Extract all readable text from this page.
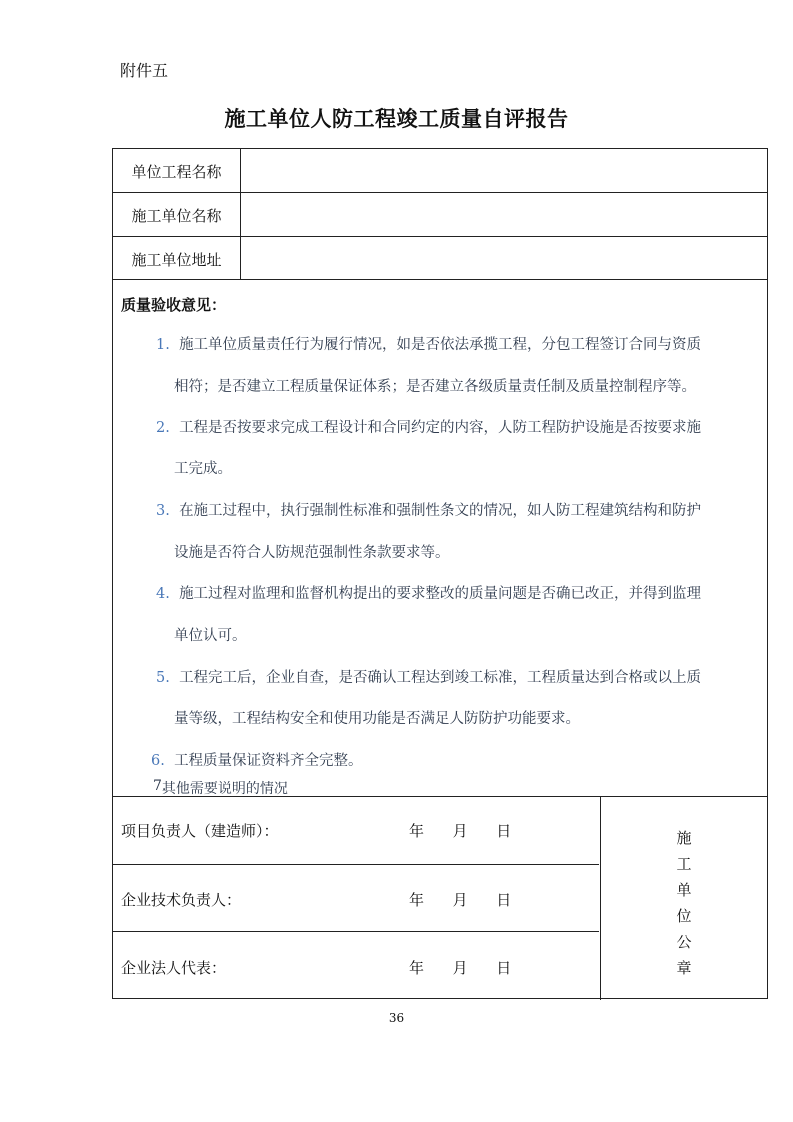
附件五
施工单位人防工程竣工质量自评报告
单位工程名称
施工单位名称
施工单位地址
质量验收意见：
1. 施工单位质量责任行为履行情况，如是否依法承揽工程，分包工程签订合同与资质
相符；是否建立工程质量保证体系；是否建立各级质量责任制及质量控制程序等。
2. 工程是否按要求完成工程设计和合同约定的内容，人防工程防护设施是否按要求施
工完成。
3. 在施工过程中，执行强制性标准和强制性条文的情况，如人防工程建筑结构和防护
设施是否符合人防规范强制性条款要求等。
4. 施工过程对监理和监督机构提出的要求整改的质量问题是否确已改正，并得到监理
单位认可。
5. 工程完工后，企业自查，是否确认工程达到竣工标准，工程质量达到合格或以上质
量等级，工程结构安全和使用功能是否满足人防防护功能要求。
6. 工程质量保证资料齐全完整。
7.

其他需要说明的情况
项目负责人（建造师）：	年 月 日
企业技术负责人：	年 月 日
企业法人代表：	年 月 日
施
工
单
位
公
章
36
